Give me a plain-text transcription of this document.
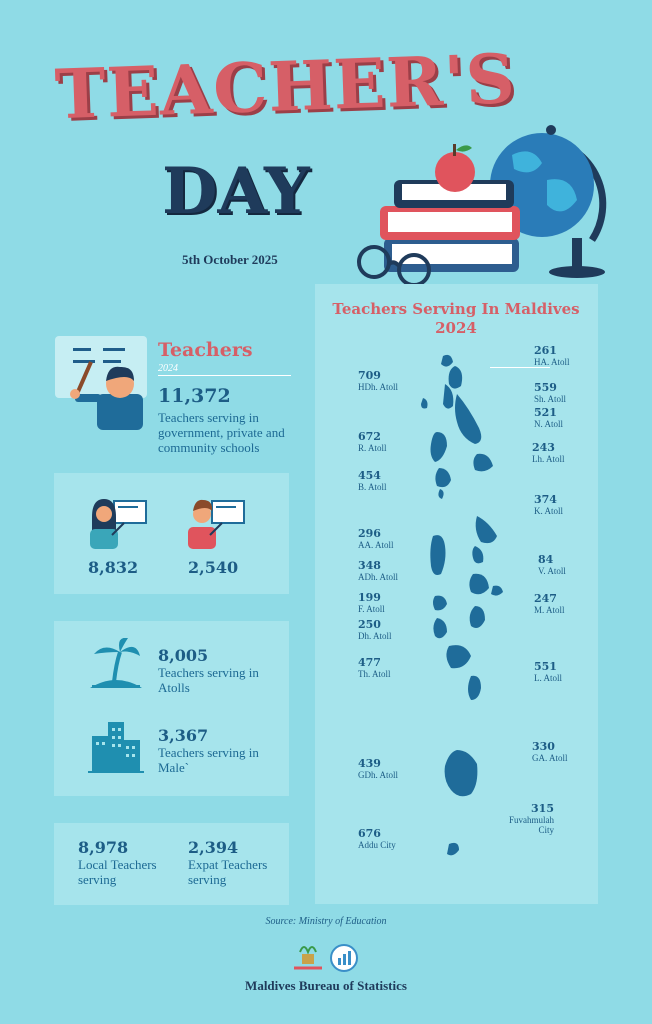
TEACHER'S
DAY
5th October 2025
Teachers
2024
11,372
Teachers serving in government, private and community schools
8,832	2,540
8,005
Teachers serving in Atolls
3,367
Teachers serving in Male`
8,978
Local Teachers serving
2,394
Expat Teachers serving
Teachers Serving In Maldives 2024
261
HA. Atoll
709
HDh. Atoll	559
Sh. Atoll
521
N. Atoll
672
R. Atoll	243
Lh. Atoll
454
B. Atoll
374
K. Atoll
296
AA. Atoll
84
V. Atoll
348
ADh. Atoll
199
F. Atoll
247
M. Atoll
250
Dh. Atoll
477
Th. Atoll
551
L. Atoll
330
GA. Atoll
439
GDh. Atoll
315
Fuvahmulah City
676
Addu City
Source: Ministry of Education
Maldives Bureau of Statistics
